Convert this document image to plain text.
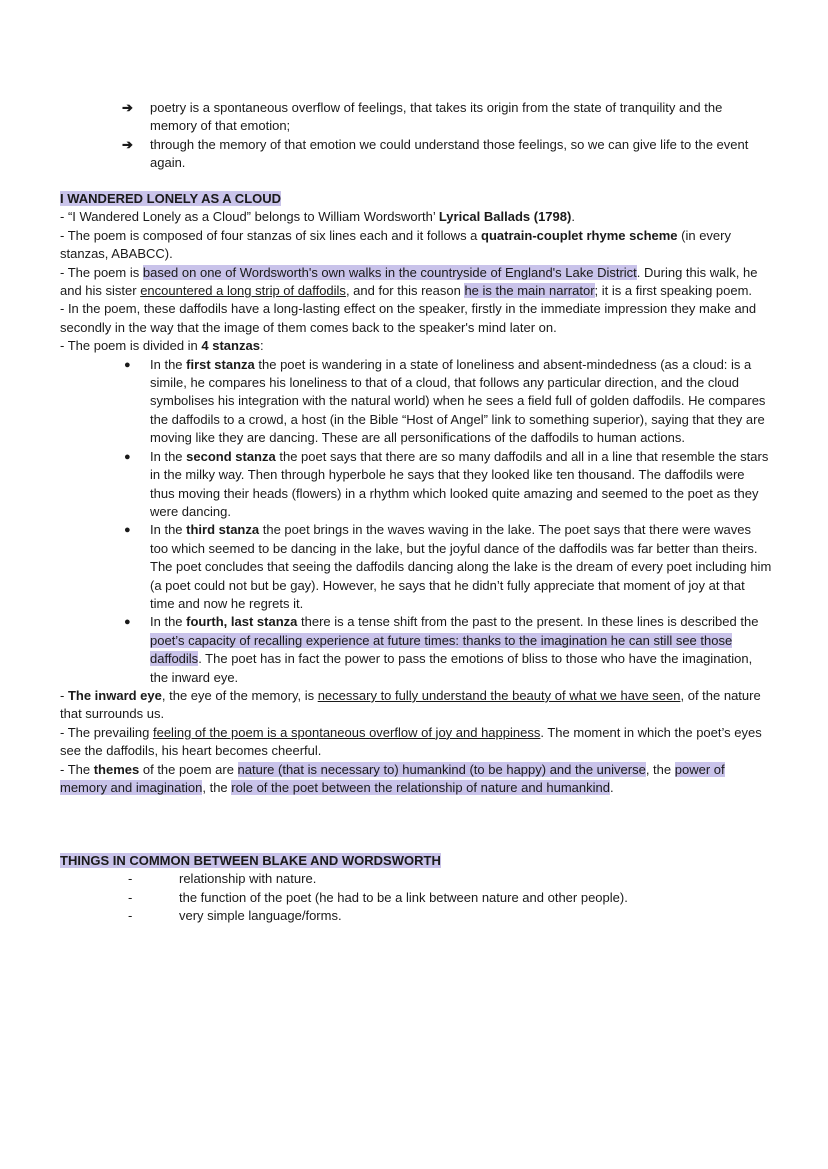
➔ poetry is a spontaneous overflow of feelings, that takes its origin from the state of tranquility and the memory of that emotion;
➔ through the memory of that emotion we could understand those feelings, so we can give life to the event again.

I WANDERED LONELY AS A CLOUD

- “I Wandered Lonely as a Cloud” belongs to William Wordsworth’ Lyrical Ballads (1798).

- The poem is composed of four stanzas of six lines each and it follows a quatrain-couplet rhyme scheme (in every stanzas, ABABCC).

- The poem is based on one of Wordsworth's own walks in the countryside of England's Lake District. During this walk, he and his sister encountered a long strip of daffodils, and for this reason he is the main narrator; it is a first speaking poem.

- In the poem, these daffodils have a long-lasting effect on the speaker, firstly in the immediate impression they make and secondly in the way that the image of them comes back to the speaker's mind later on.

- The poem is divided in 4 stanzas:

● In the first stanza the poet is wandering in a state of loneliness and absent-mindedness (as a cloud: is a simile, he compares his loneliness to that of a cloud, that follows any particular direction, and the cloud symbolises his integration with the natural world) when he sees a field full of golden daffodils. He compares the daffodils to a crowd, a host (in the Bible “Host of Angel” link to something superior), saying that they are moving like they are dancing. These are all personifications of the daffodils to human actions.
● In the second stanza the poet says that there are so many daffodils and all in a line that resemble the stars in the milky way. Then through hyperbole he says that they looked like ten thousand. The daffodils were thus moving their heads (flowers) in a rhythm which looked quite amazing and seemed to the poet as they were dancing.
● In the third stanza the poet brings in the waves waving in the lake. The poet says that there were waves too which seemed to be dancing in the lake, but the joyful dance of the daffodils was far better than theirs. The poet concludes that seeing the daffodils dancing along the lake is the dream of every poet including him (a poet could not but be gay). However, he says that he didn’t fully appreciate that moment of joy at that time and now he regrets it.
● In the fourth, last stanza there is a tense shift from the past to the present. In these lines is described the poet’s capacity of recalling experience at future times: thanks to the imagination he can still see those daffodils. The poet has in fact the power to pass the emotions of bliss to those who have the imagination, the inward eye.

- The inward eye, the eye of the memory, is necessary to fully understand the beauty of what we have seen, of the nature that surrounds us.

- The prevailing feeling of the poem is a spontaneous overflow of joy and happiness. The moment in which the poet’s eyes see the daffodils, his heart becomes cheerful.

- The themes of the poem are nature (that is necessary to) humankind (to be happy) and the universe, the power of memory and imagination, the role of the poet between the relationship of nature and humankind.

THINGS IN COMMON BETWEEN BLAKE AND WORDSWORTH

-	relationship with nature.
-	the function of the poet (he had to be a link between nature and other people).
-	very simple language/forms.
